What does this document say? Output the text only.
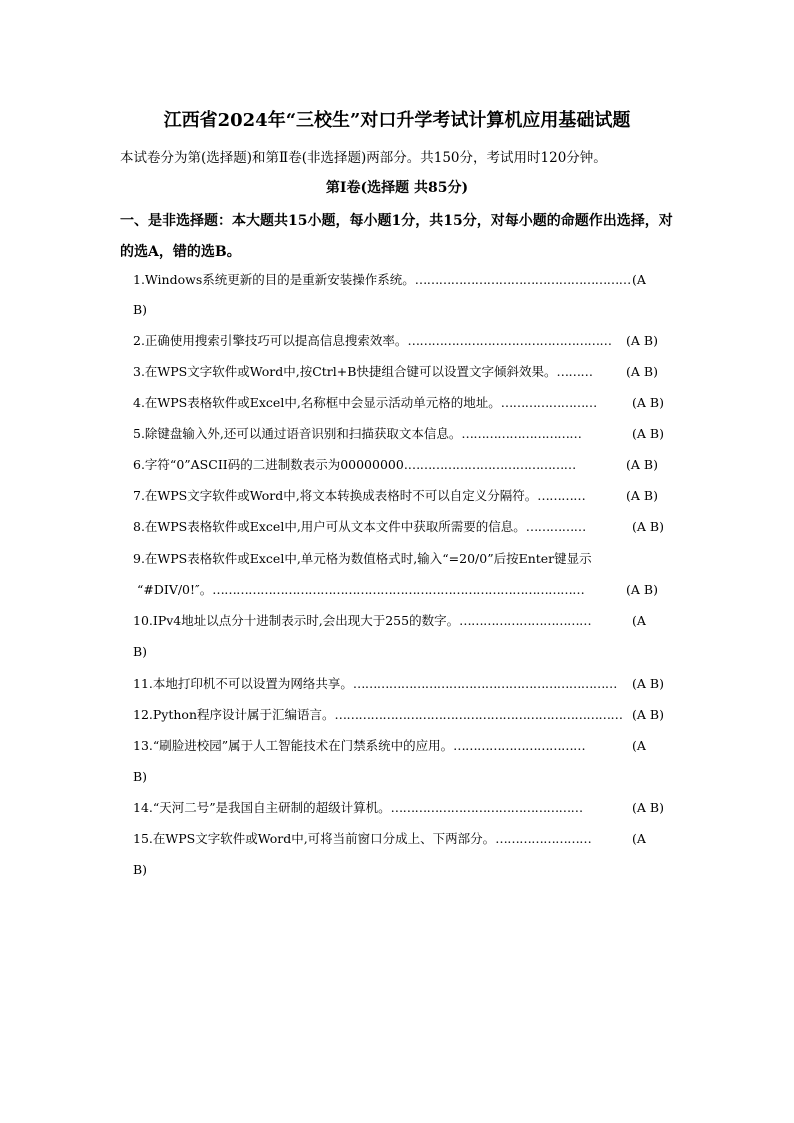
江西省2024年“三校生”对口升学考试计算机应用基础试题
本试卷分为第(选择题)和第Ⅱ卷(非选择题)两部分。共150分，考试用时120分钟。
第Ⅰ卷(选择题 共85分)
一、是非选择题：本大题共15小题，每小题1分，共15分，对每小题的命题作出选择，对的选A，错的选B。
1.Windows系统更新的目的是重新安装操作系统。……………………………………………… (A
B)
2.正确使用搜索引擎技巧可以提高信息搜索效率。……………………………………………	(A B)
3.在WPS文字软件或Word中,按Ctrl+B快捷组合键可以设置文字倾斜效果。………	(A B)
4.在WPS表格软件或Excel中,名称框中会显示活动单元格的地址。……………………	(A B)
5.除键盘输入外,还可以通过语音识别和扫描获取文本信息。…………………………	(A B)
6.字符“0”ASCII码的二进制数表示为00000000.……………………………………	(A B)
7.在WPS文字软件或Word中,将文本转换成表格时不可以自定义分隔符。…………	(A B)
8.在WPS表格软件或Excel中,用户可从文本文件中获取所需要的信息。……………	(A B)
9.在WPS表格软件或Excel中,单元格为数值格式时,输入“=20/0”后按Enter键显示
“#DIV/0!″。…………………………………………………………………………………	(A B)
10.IPv4地址以点分十进制表示时,会出现大于255的数字。……………………………	(A
B)
11.本地打印机不可以设置为网络共享。…………………………………………………………	(A B)
12.Python程序设计属于汇编语言。……………………………………………………………… (A B)
13.“刷脸进校园”属于人工智能技术在门禁系统中的应用。……………………………	(A
B)
14.“天河二号”是我国自主研制的超级计算机。…………………………………………	(A B)
15.在WPS文字软件或Word中,可将当前窗口分成上、下两部分。……………………	(A
B)
